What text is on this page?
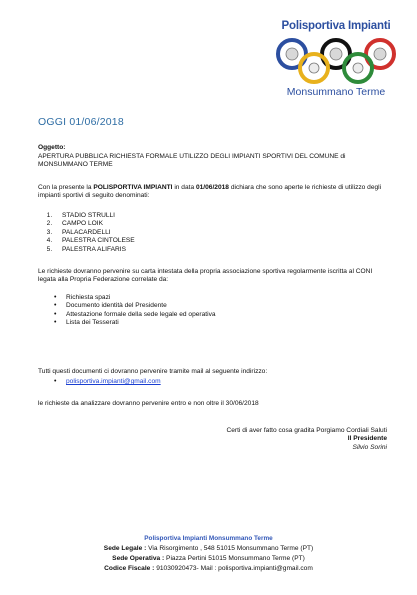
Polisportiva Impianti
Monsummano Terme
OGGI 01/06/2018
Oggetto:
APERTURA PUBBLICA RICHIESTA FORMALE UTILIZZO DEGLI IMPIANTI SPORTIVI DEL COMUNE di MONSUMMANO TERME
Con la presente la POLISPORTIVA IMPIANTI in data 01/06/2018 dichiara che sono aperte le richieste di utilizzo degli impianti sportivi di seguito denominati:
1. STADIO STRULLI
2. CAMPO LOIK
3. PALACARDELLI
4. PALESTRA CINTOLESE
5. PALESTRA ALIFARIS
Le richieste dovranno pervenire su carta intestata della propria associazione sportiva regolarmente iscritta al CONI legata alla Propria Federazione correlate da:
• Richiesta spazi
• Documento identità del Presidente
• Attestazione formale della sede legale ed operativa
• Lista dei Tesserati
Tutti questi documenti ci dovranno pervenire tramite mail al seguente indirizzo:
• polisportiva.impianti@gmail.com
le richieste da analizzare dovranno pervenire entro e non oltre il 30/06/2018
Certi di aver fatto cosa gradita Porgiamo Cordiali Saluti
Il Presidente
Silvio Sorini
Polisportiva Impianti Monsummano Terme
Sede Legale : Via Risorgimento , 548 51015 Monsummano Terme (PT)
Sede Operativa : Piazza Pertini 51015 Monsummano Terme (PT)
Codice Fiscale : 91030920473- Mail : polisportiva.impianti@gmail.com
